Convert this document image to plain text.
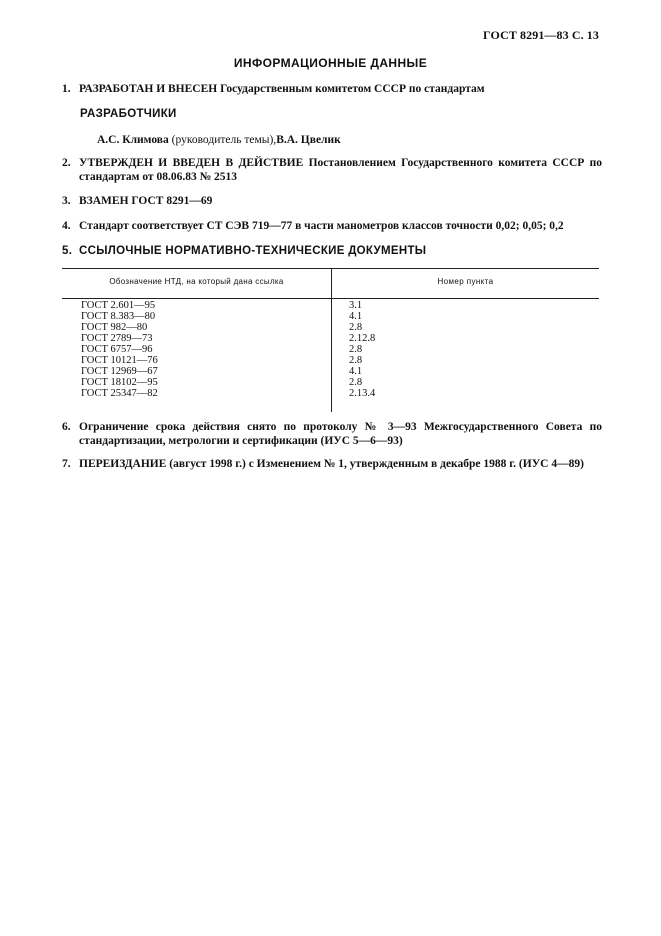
ГОСТ 8291—83 С. 13
ИНФОРМАЦИОННЫЕ ДАННЫЕ
1. РАЗРАБОТАН И ВНЕСЕН Государственным комитетом СССР по стандартам
РАЗРАБОТЧИКИ
А.С. Климова (руководитель темы),В.А. Цвелик
2. УТВЕРЖДЕН И ВВЕДЕН В ДЕЙСТВИЕ Постановлением Государственного комитета СССР по стандартам от 08.06.83 № 2513
3. ВЗАМЕН ГОСТ 8291—69
4. Стандарт соответствует СТ СЭВ 719—77 в части манометров классов точности 0,02; 0,05; 0,2
5. ССЫЛОЧНЫЕ НОРМАТИВНО-ТЕХНИЧЕСКИЕ ДОКУМЕНТЫ
Обозначение НТД, на который дана ссылка	Номер пункта
ГОСТ 2.601—95
ГОСТ 8.383—80
ГОСТ 982—80
ГОСТ 2789—73
ГОСТ 6757—96
ГОСТ 10121—76
ГОСТ 12969—67
ГОСТ 18102—95
ГОСТ 25347—82
3.1
4.1
2.8
2.12.8
2.8
2.8
4.1
2.8
2.13.4
6. Ограничение срока действия снято по протоколу № 3—93 Межгосударственного Совета по стандартизации, метрологии и сертификации (ИУС 5—6—93)
7. ПЕРЕИЗДАНИЕ (август 1998 г.) с Изменением № 1, утвержденным в декабре 1988 г. (ИУС 4—89)
